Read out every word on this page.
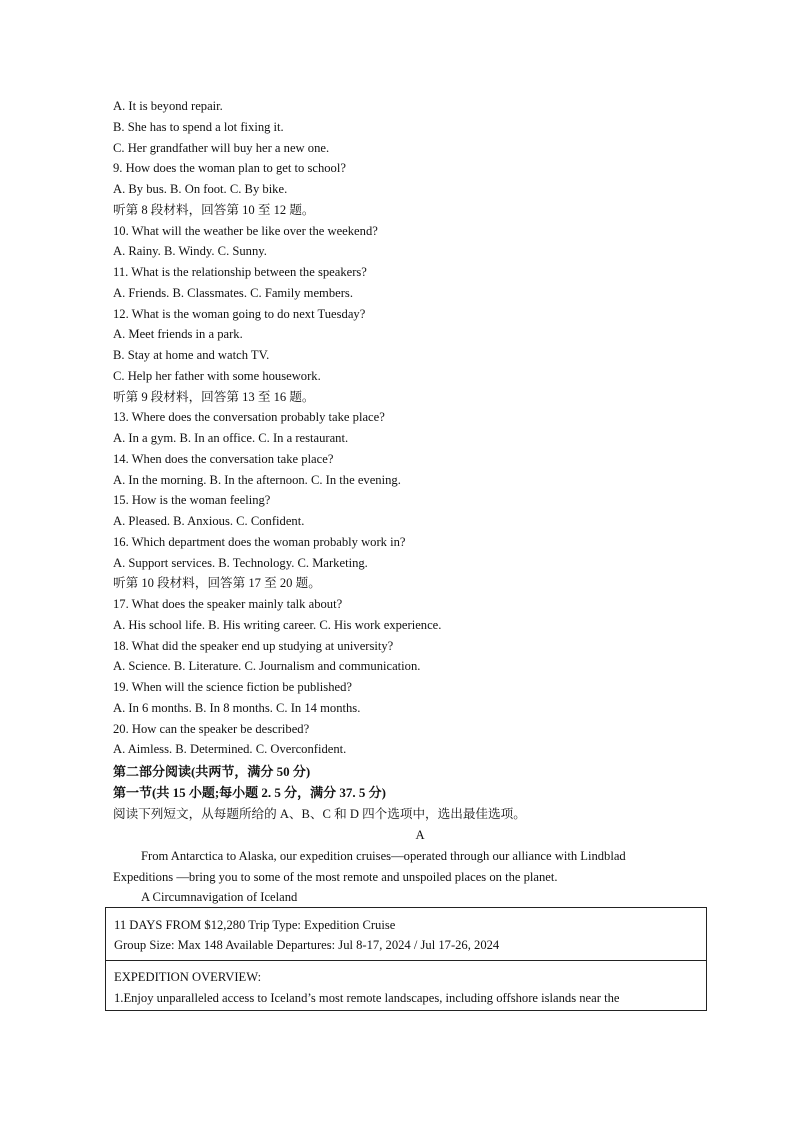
A. It is beyond repair.
B. She has to spend a lot fixing it.
C. Her grandfather will buy her a new one.
9. How does the woman plan to get to school?
A. By bus. B. On foot. C. By bike.
听第 8 段材料，回答第 10 至 12 题。
10. What will the weather be like over the weekend?
A. Rainy. B. Windy. C. Sunny.
11. What is the relationship between the speakers?
A. Friends. B. Classmates. C. Family members.
12. What is the woman going to do next Tuesday?
A. Meet friends in a park.
B. Stay at home and watch TV.
C. Help her father with some housework.
听第 9 段材料，回答第 13 至 16 题。
13. Where does the conversation probably take place?
A. In a gym. B. In an office. C. In a restaurant.
14. When does the conversation take place?
A. In the morning. B. In the afternoon. C. In the evening.
15. How is the woman feeling?
A. Pleased. B. Anxious. C. Confident.
16. Which department does the woman probably work in?
A. Support services. B. Technology. C. Marketing.
听第 10 段材料，回答第 17 至 20 题。
17. What does the speaker mainly talk about?
A. His school life. B. His writing career. C. His work experience.
18. What did the speaker end up studying at university?
A. Science. B. Literature. C. Journalism and communication.
19. When will the science fiction be published?
A. In 6 months. B. In 8 months. C. In 14 months.
20. How can the speaker be described?
A. Aimless. B. Determined. C. Overconfident.
第二部分阅读(共两节，满分 50 分)
第一节(共 15 小题;每小题 2. 5 分，满分 37. 5 分)
阅读下列短文，从每题所给的 A、B、C 和 D 四个选项中，选出最佳选项。
A
From Antarctica to Alaska, our expedition cruises—operated through our alliance with Lindblad
Expeditions —bring you to some of the most remote and unspoiled places on the planet.
A Circumnavigation of Iceland
11 DAYS FROM $12,280 Trip Type: Expedition Cruise
Group Size: Max 148 Available Departures: Jul 8-17, 2024 / Jul 17-26, 2024
EXPEDITION OVERVIEW:
1.Enjoy unparalleled access to Iceland’s most remote landscapes, including offshore islands near the
